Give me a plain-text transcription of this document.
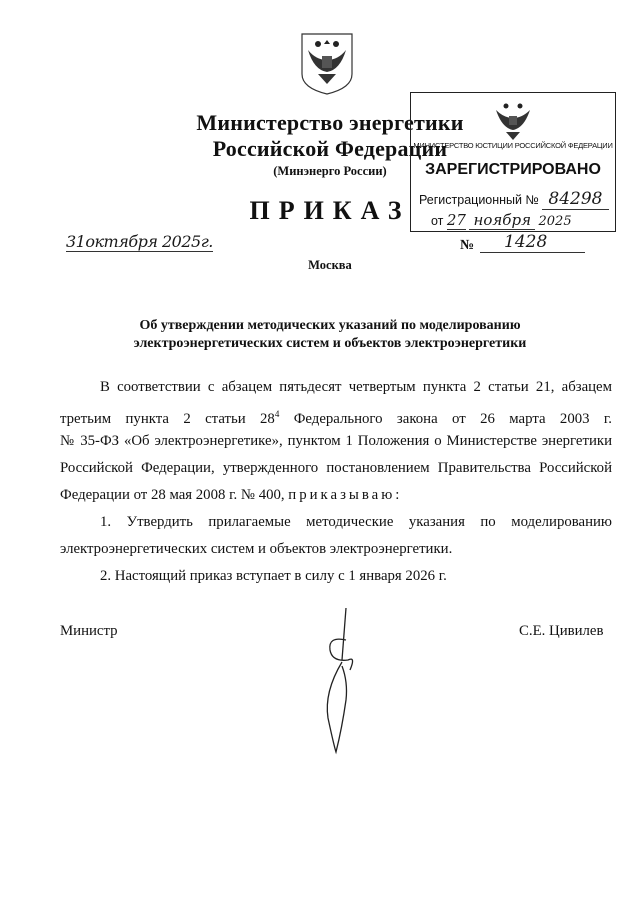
Министерство энергетики
Российской Федерации
(Минэнерго России)
ПРИКАЗ
МИНИСТЕРСТВО ЮСТИЦИИ РОССИЙСКОЙ ФЕДЕРАЦИИ
ЗАРЕГИСТРИРОВАНО
Регистрационный № 84298
от 27 ноября 2025
31октября 2025г.	№	1428
Москва
Об утверждении методических указаний по моделированию
электроэнергетических систем и объектов электроэнергетики
В соответствии с абзацем пятьдесят четвертым пункта 2 статьи 21, абзацем
третьим пункта 2 статьи $28^4$ Федерального закона от 26 марта 2003 г.
№ 35-ФЗ «Об электроэнергетике», пунктом 1 Положения о Министерстве энергетики
Российской Федерации, утвержденного постановлением Правительства Российской
Федерации от 28 мая 2008 г. № 400, приказываю:
1. Утвердить прилагаемые методические указания по моделированию
электроэнергетических систем и объектов электроэнергетики.
2. Настоящий приказ вступает в силу с 1 января 2026 г.
Министр	С.Е. Цивилев
